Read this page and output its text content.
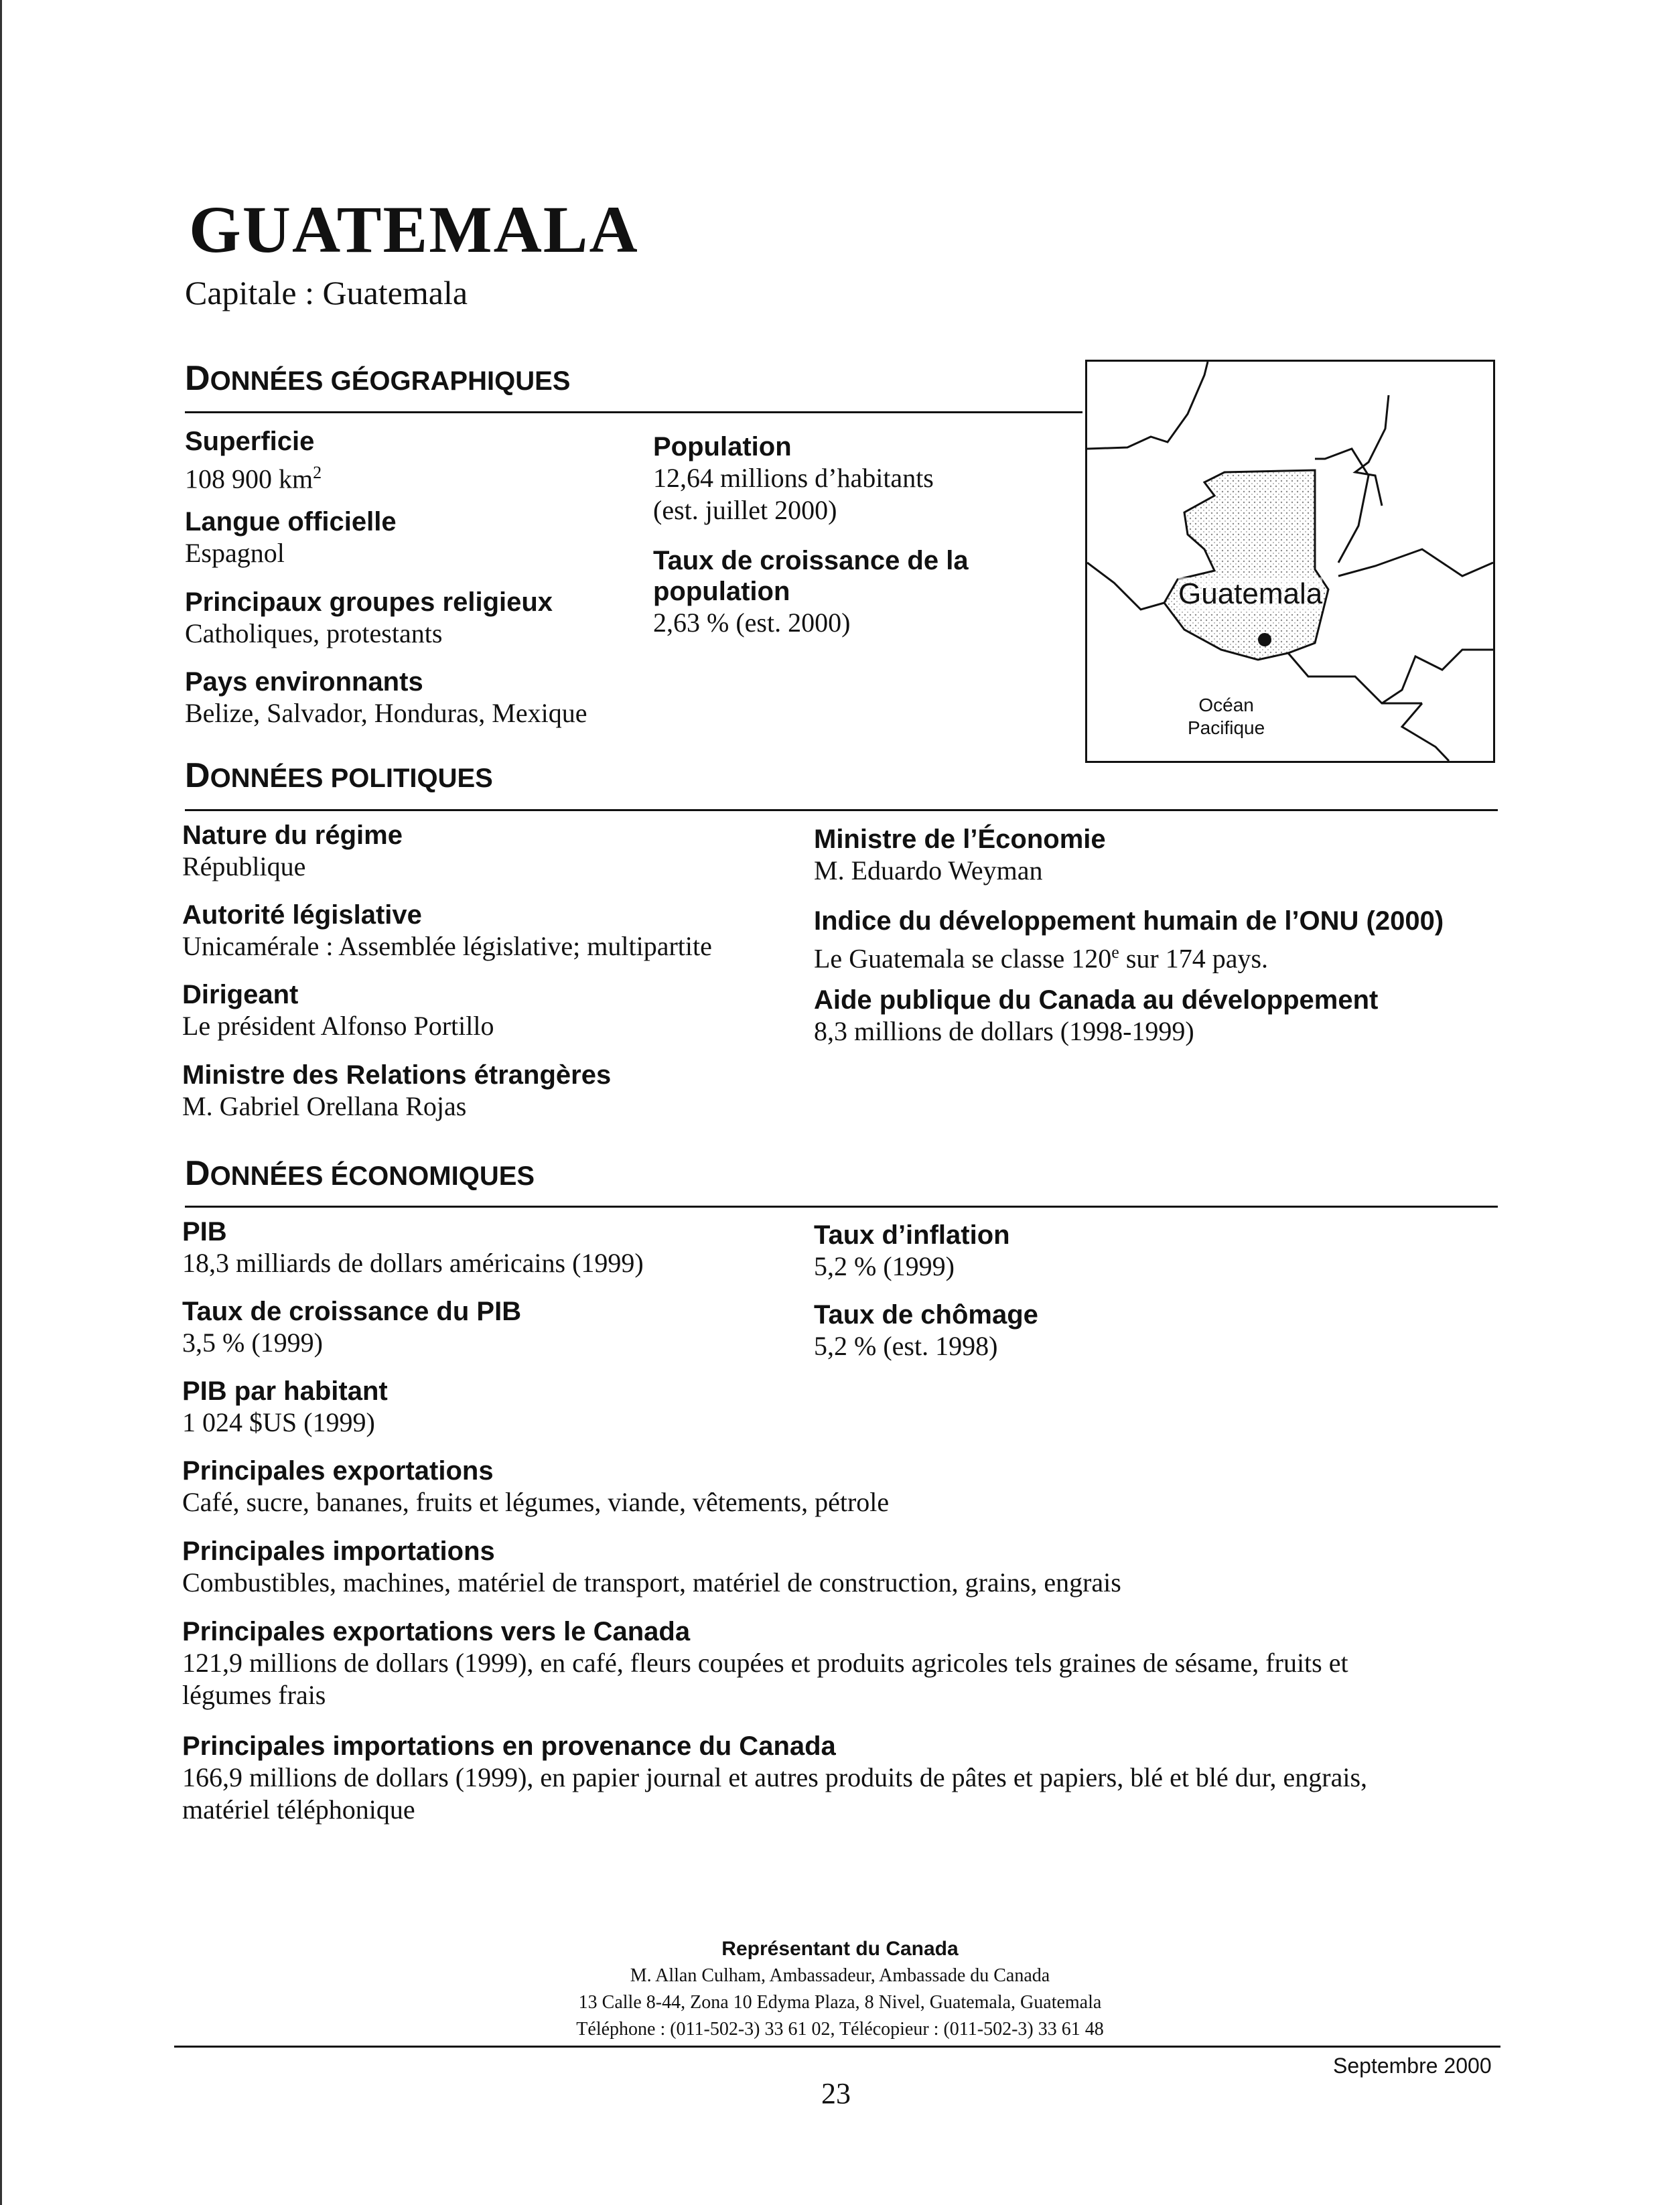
GUATEMALA
Capitale : Guatemala
DONNÉES GÉOGRAPHIQUES
Superficie
108 900 $km^2$
Langue officielle
Espagnol
Principaux groupes religieux
Catholiques, protestants
Pays environnants
Belize, Salvador, Honduras, Mexique
Population
12,64 millions d’habitants
(est. juillet 2000)
Taux de croissance de la
population
2,63 % (est. 2000)
Guatemala
Océan
Pacifique
DONNÉES POLITIQUES
Nature du régime
République
Autorité législative
Unicamérale : Assemblée législative; multipartite
Dirigeant
Le président Alfonso Portillo
Ministre des Relations étrangères
M. Gabriel Orellana Rojas
Ministre de l’Économie
M. Eduardo Weyman
Indice du développement humain de l’ONU (2000)
Le Guatemala se classe 120e sur 174 pays.
Aide publique du Canada au développement
8,3 millions de dollars (1998-1999)
DONNÉES ÉCONOMIQUES
PIB
18,3 milliards de dollars américains (1999)
Taux de croissance du PIB
3,5 % (1999)
PIB par habitant
1 024 $US (1999)
Taux d’inflation
5,2 % (1999)
Taux de chômage
5,2 % (est. 1998)
Principales exportations
Café, sucre, bananes, fruits et légumes, viande, vêtements, pétrole
Principales importations
Combustibles, machines, matériel de transport, matériel de construction, grains, engrais
Principales exportations vers le Canada
121,9 millions de dollars (1999), en café, fleurs coupées et produits agricoles tels graines de sésame, fruits et
légumes frais
Principales importations en provenance du Canada
166,9 millions de dollars (1999), en papier journal et autres produits de pâtes et papiers, blé et blé dur, engrais,
matériel téléphonique
Représentant du Canada
M. Allan Culham, Ambassadeur, Ambassade du Canada
13 Calle 8-44, Zona 10 Edyma Plaza, 8 Nivel, Guatemala, Guatemala
Téléphone : (011-502-3) 33 61 02, Télécopieur : (011-502-3) 33 61 48
Septembre 2000
23
